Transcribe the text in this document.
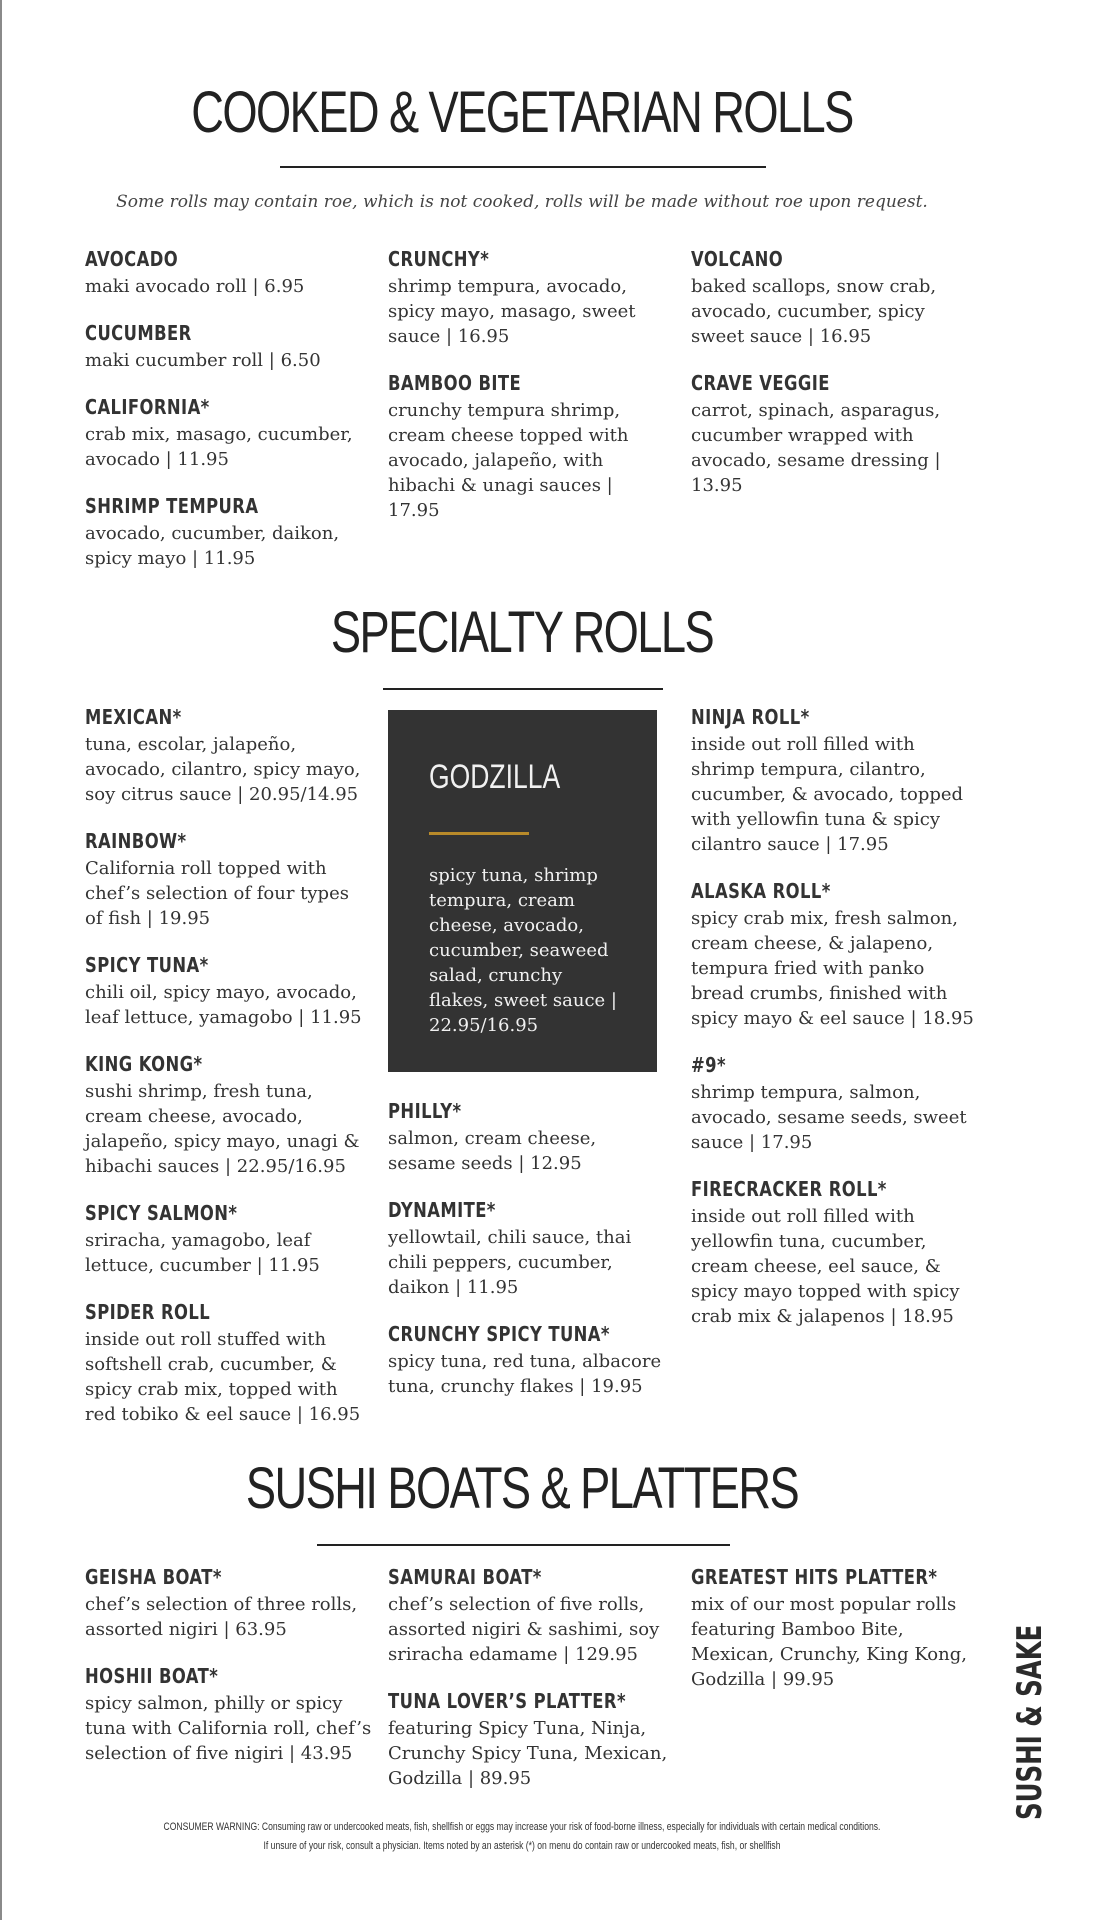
COOKED & VEGETARIAN ROLLS
Some rolls may contain roe, which is not cooked, rolls will be made without roe upon request.
AVOCADO
maki avocado roll | 6.95
CUCUMBER
maki cucumber roll | 6.50
CALIFORNIA*
crab mix, masago, cucumber, avocado | 11.95
SHRIMP TEMPURA
avocado, cucumber, daikon, spicy mayo | 11.95
CRUNCHY*
shrimp tempura, avocado, spicy mayo, masago, sweet sauce | 16.95
BAMBOO BITE
crunchy tempura shrimp, cream cheese topped with avocado, jalapeño, with hibachi & unagi sauces | 17.95
VOLCANO
baked scallops, snow crab, avocado, cucumber, spicy sweet sauce | 16.95
CRAVE VEGGIE
carrot, spinach, asparagus, cucumber wrapped with avocado, sesame dressing | 13.95
SPECIALTY ROLLS
MEXICAN*
tuna, escolar, jalapeño, avocado, cilantro, spicy mayo, soy citrus sauce | 20.95/14.95
RAINBOW*
California roll topped with chef’s selection of four types of fish | 19.95
SPICY TUNA*
chili oil, spicy mayo, avocado, leaf lettuce, yamagobo | 11.95
KING KONG*
sushi shrimp, fresh tuna, cream cheese, avocado, jalapeño, spicy mayo, unagi & hibachi sauces | 22.95/16.95
SPICY SALMON*
sriracha, yamagobo, leaf lettuce, cucumber | 11.95
SPIDER ROLL
inside out roll stuffed with softshell crab, cucumber, & spicy crab mix, topped with red tobiko & eel sauce | 16.95
GODZILLA
spicy tuna, shrimp tempura, cream cheese, avocado, cucumber, seaweed salad, crunchy flakes, sweet sauce | 22.95/16.95
PHILLY*
salmon, cream cheese, sesame seeds | 12.95
DYNAMITE*
yellowtail, chili sauce, thai chili peppers, cucumber, daikon | 11.95
CRUNCHY SPICY TUNA*
spicy tuna, red tuna, albacore tuna, crunchy flakes | 19.95
NINJA ROLL*
inside out roll filled with shrimp tempura, cilantro, cucumber, & avocado, topped with yellowfin tuna & spicy cilantro sauce | 17.95
ALASKA ROLL*
spicy crab mix, fresh salmon, cream cheese, & jalapeno, tempura fried with panko bread crumbs, finished with spicy mayo & eel sauce | 18.95
#9*
shrimp tempura, salmon, avocado, sesame seeds, sweet sauce | 17.95
FIRECRACKER ROLL*
inside out roll filled with yellowfin tuna, cucumber, cream cheese, eel sauce, & spicy mayo topped with spicy crab mix & jalapenos | 18.95
SUSHI BOATS & PLATTERS
GEISHA BOAT*
chef’s selection of three rolls, assorted nigiri | 63.95
HOSHII BOAT*
spicy salmon, philly or spicy tuna with California roll, chef’s selection of five nigiri | 43.95
SAMURAI BOAT*
chef’s selection of five rolls, assorted nigiri & sashimi, soy sriracha edamame | 129.95
TUNA LOVER’S PLATTER*
featuring Spicy Tuna, Ninja, Crunchy Spicy Tuna, Mexican, Godzilla | 89.95
GREATEST HITS PLATTER*
mix of our most popular rolls featuring Bamboo Bite, Mexican, Crunchy, King Kong, Godzilla | 99.95
CONSUMER WARNING: Consuming raw or undercooked meats, fish, shellfish or eggs may increase your risk of food-borne illness, especially for individuals with certain medical conditions.
If unsure of your risk, consult a physician. Items noted by an asterisk (*) on menu do contain raw or undercooked meats, fish, or shellfish
SUSHI & SAKE
